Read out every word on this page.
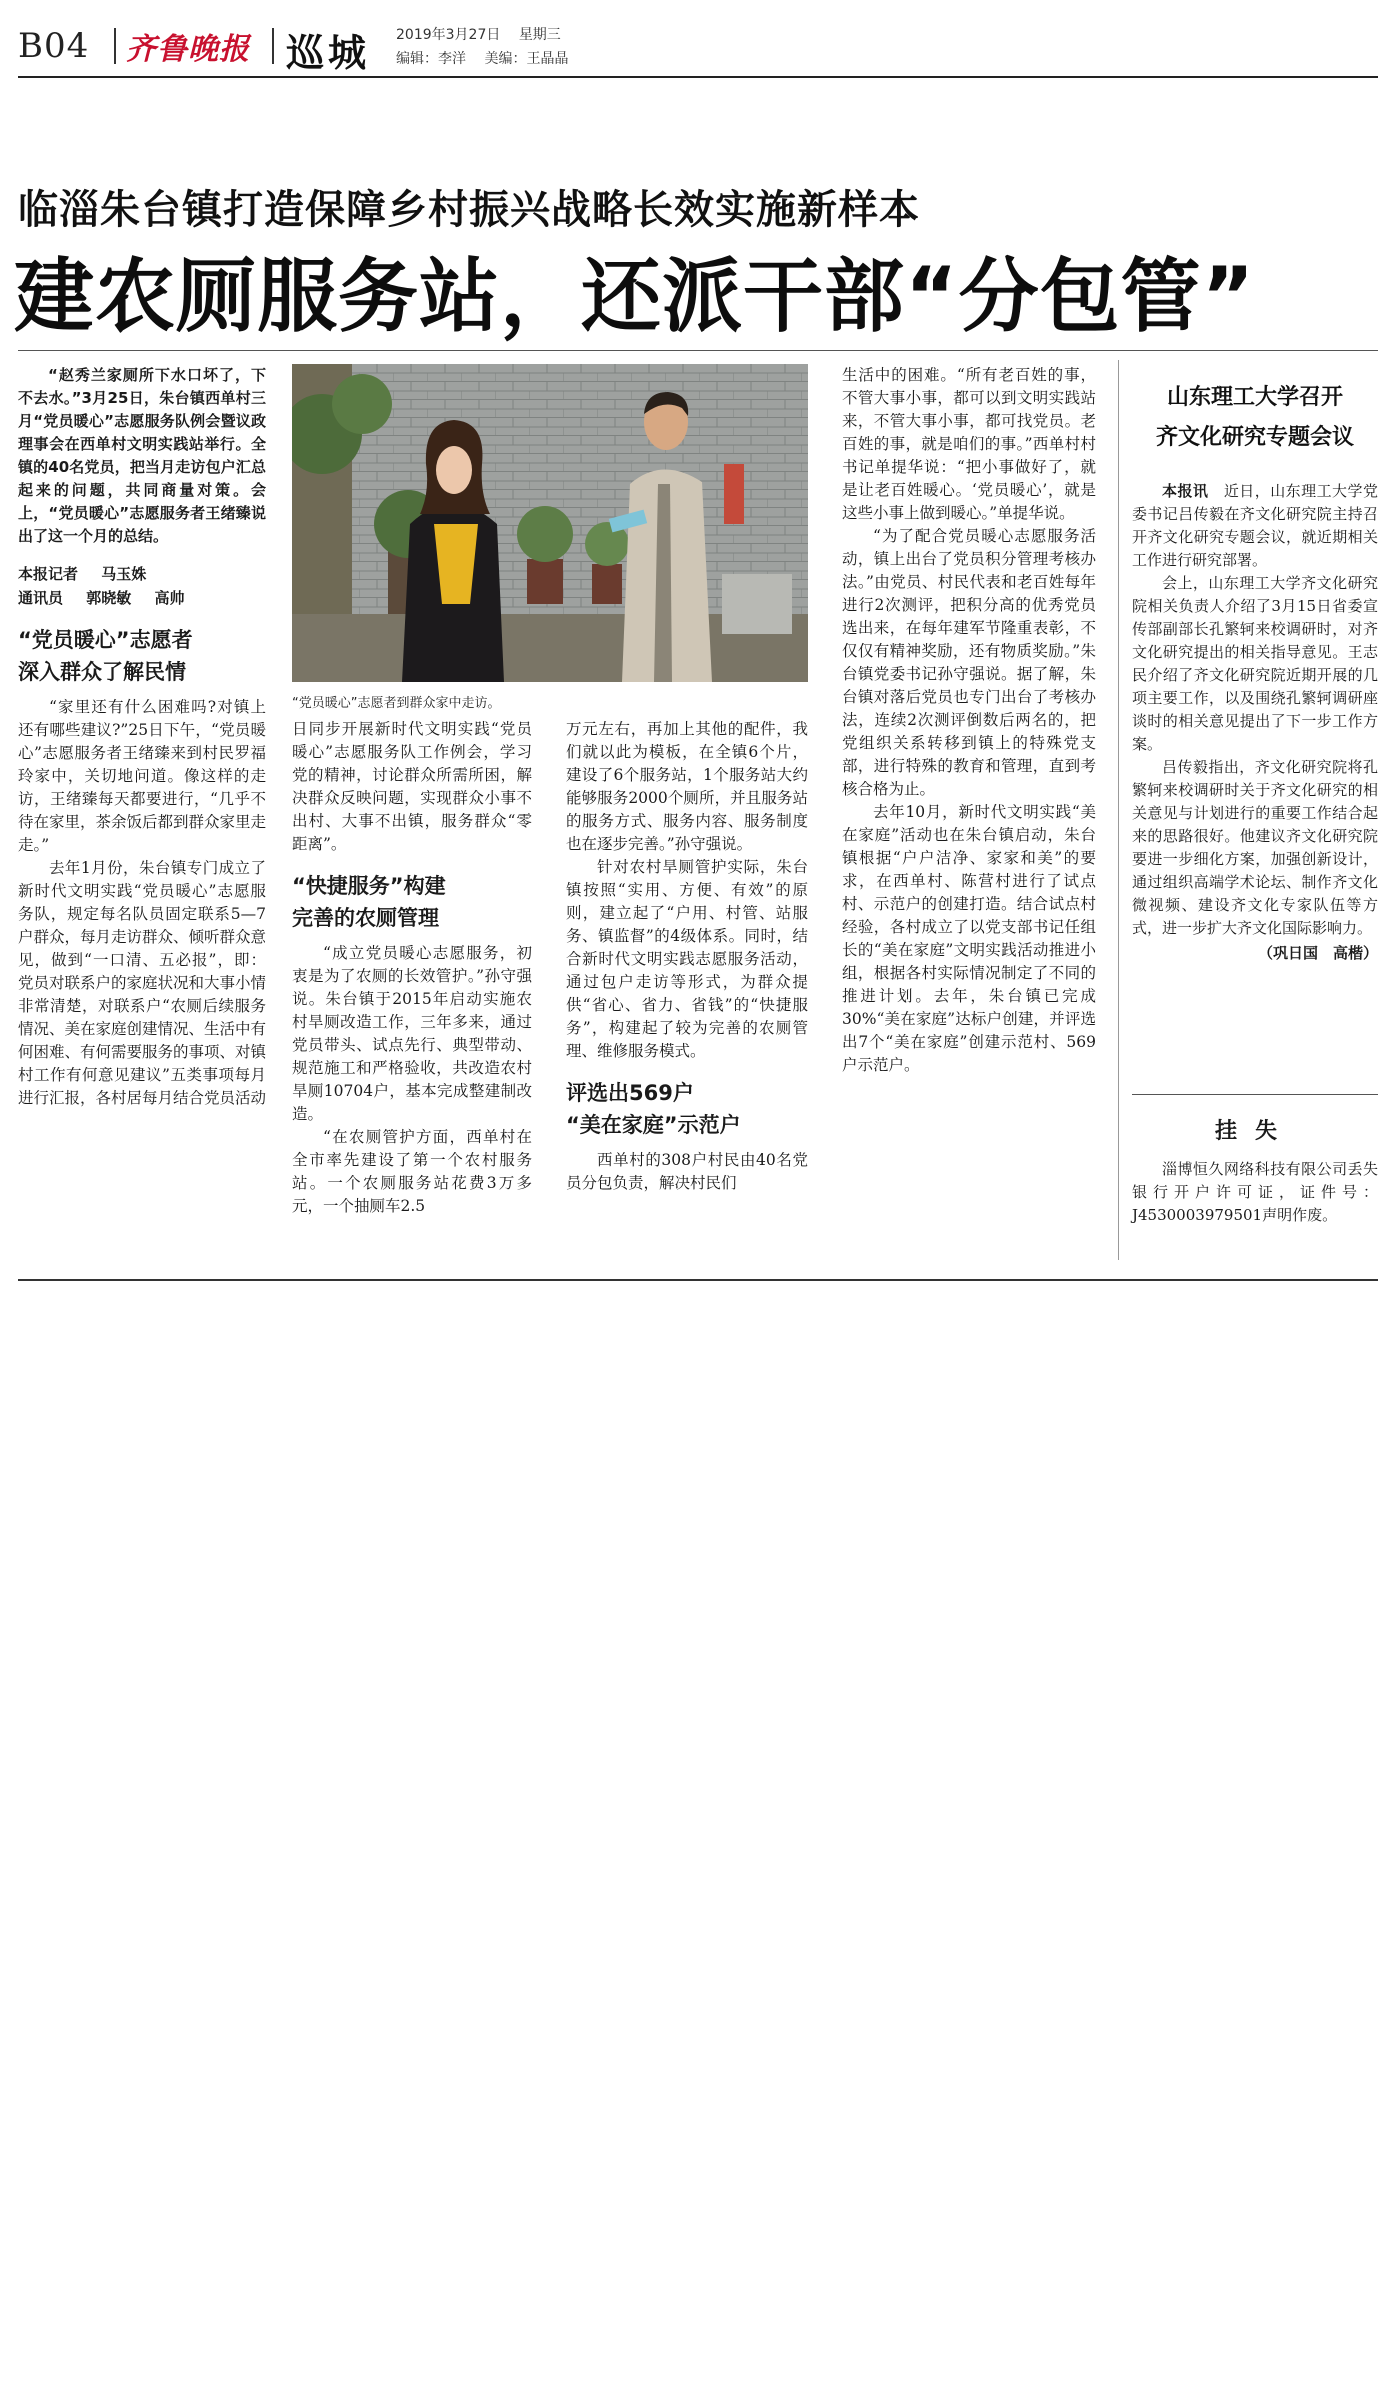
B04 齐鲁晚报 巡城 2019年3月27日 星期三
编辑：李洋 美编：王晶晶
临淄朱台镇打造保障乡村振兴战略长效实施新样本
建农厕服务站，还派干部“分包管”

“赵秀兰家厕所下水口坏了，下不去水。”3月25日，朱台镇西单村三月“党员暖心”志愿服务队例会暨议政理事会在西单村文明实践站举行。全镇的40名党员，把当月走访包户汇总起来的问题，共同商量对策。会上，“党员暖心”志愿服务者王绪臻说出了这一个月的总结。

本报记者 马玉姝
通讯员 郭晓敏 高帅
“党员暖心”志愿者
深入群众了解民情

“家里还有什么困难吗?对镇上还有哪些建议?”25日下午，“党员暖心”志愿服务者王绪臻来到村民罗福玲家中，关切地问道。像这样的走访，王绪臻每天都要进行，“几乎不待在家里，茶余饭后都到群众家里走走。”

去年1月份，朱台镇专门成立了新时代文明实践“党员暖心”志愿服务队，规定每名队员固定联系5—7户群众，每月走访群众、倾听群众意见，做到“一口清、五必报”，即：党员对联系户的家庭状况和大事小情非常清楚，对联系户“农厕后续服务情况、美在家庭创建情况、生活中有何困难、有何需要服务的事项、对镇村工作有何意见建议”五类事项每月进行汇报，各村居每月结合党员活动

“党员暖心”志愿者到群众家中走访。

日同步开展新时代文明实践“党员暖心”志愿服务队工作例会，学习党的精神，讨论群众所需所困，解决群众反映问题，实现群众小事不出村、大事不出镇，服务群众“零距离”。

“快捷服务”构建
完善的农厕管理

“成立党员暖心志愿服务，初衷是为了农厕的长效管护。”孙守强说。朱台镇于2015年启动实施农村旱厕改造工作，三年多来，通过党员带头、试点先行、典型带动、规范施工和严格验收，共改造农村旱厕10704户，基本完成整建制改造。

“在农厕管护方面，西单村在全市率先建设了第一个农村服务站。一个农厕服务站花费3万多元，一个抽厕车2.5

万元左右，再加上其他的配件，我们就以此为模板，在全镇6个片，建设了6个服务站，1个服务站大约能够服务2000个厕所，并且服务站的服务方式、服务内容、服务制度也在逐步完善。”孙守强说。

针对农村旱厕管护实际，朱台镇按照“实用、方便、有效”的原则，建立起了“户用、村管、站服务、镇监督”的4级体系。同时，结合新时代文明实践志愿服务活动，通过包户走访等形式，为群众提供“省心、省力、省钱”的“快捷服务”，构建起了较为完善的农厕管理、维修服务模式。

评选出569户
“美在家庭”示范户

西单村的308户村民由40名党员分包负责，解决村民们

生活中的困难。“所有老百姓的事，不管大事小事，都可以到文明实践站来，不管大事小事，都可找党员。老百姓的事，就是咱们的事。”西单村村书记单提华说：“把小事做好了，就是让老百姓暖心。‘党员暖心’，就是这些小事上做到暖心。”单提华说。

“为了配合党员暖心志愿服务活动，镇上出台了党员积分管理考核办法。”由党员、村民代表和老百姓每年进行2次测评，把积分高的优秀党员选出来，在每年建军节隆重表彰，不仅仅有精神奖励，还有物质奖励。”朱台镇党委书记孙守强说。据了解，朱台镇对落后党员也专门出台了考核办法，连续2次测评倒数后两名的，把党组织关系转移到镇上的特殊党支部，进行特殊的教育和管理，直到考核合格为止。

去年10月，新时代文明实践“美在家庭”活动也在朱台镇启动，朱台镇根据“户户洁净、家家和美”的要求，在西单村、陈营村进行了试点村、示范户的创建打造。结合试点村经验，各村成立了以党支部书记任组长的“美在家庭”文明实践活动推进小组，根据各村实际情况制定了不同的推进计划。去年，朱台镇已完成30%“美在家庭”达标户创建，并评选出7个“美在家庭”创建示范村、569户示范户。

山东理工大学召开
齐文化研究专题会议

本报讯　 近日，山东理工大学党委书记吕传毅在齐文化研究院主持召开齐文化研究专题会议，就近期相关工作进行研究部署。

会上，山东理工大学齐文化研究院相关负责人介绍了3月15日省委宣传部副部长孔繁轲来校调研时，对齐文化研究提出的相关指导意见。王志民介绍了齐文化研究院近期开展的几项主要工作，以及围绕孔繁轲调研座谈时的相关意见提出了下一步工作方案。

吕传毅指出，齐文化研究院将孔繁轲来校调研时关于齐文化研究的相关意见与计划进行的重要工作结合起来的思路很好。他建议齐文化研究院要进一步细化方案，加强创新设计，通过组织高端学术论坛、制作齐文化微视频、建设齐文化专家队伍等方式，进一步扩大齐文化国际影响力。

（巩日国　高楷）
挂失

淄博恒久网络科技有限公司丢失银行开户许可证，证件号：J4530003979501声明作废。
